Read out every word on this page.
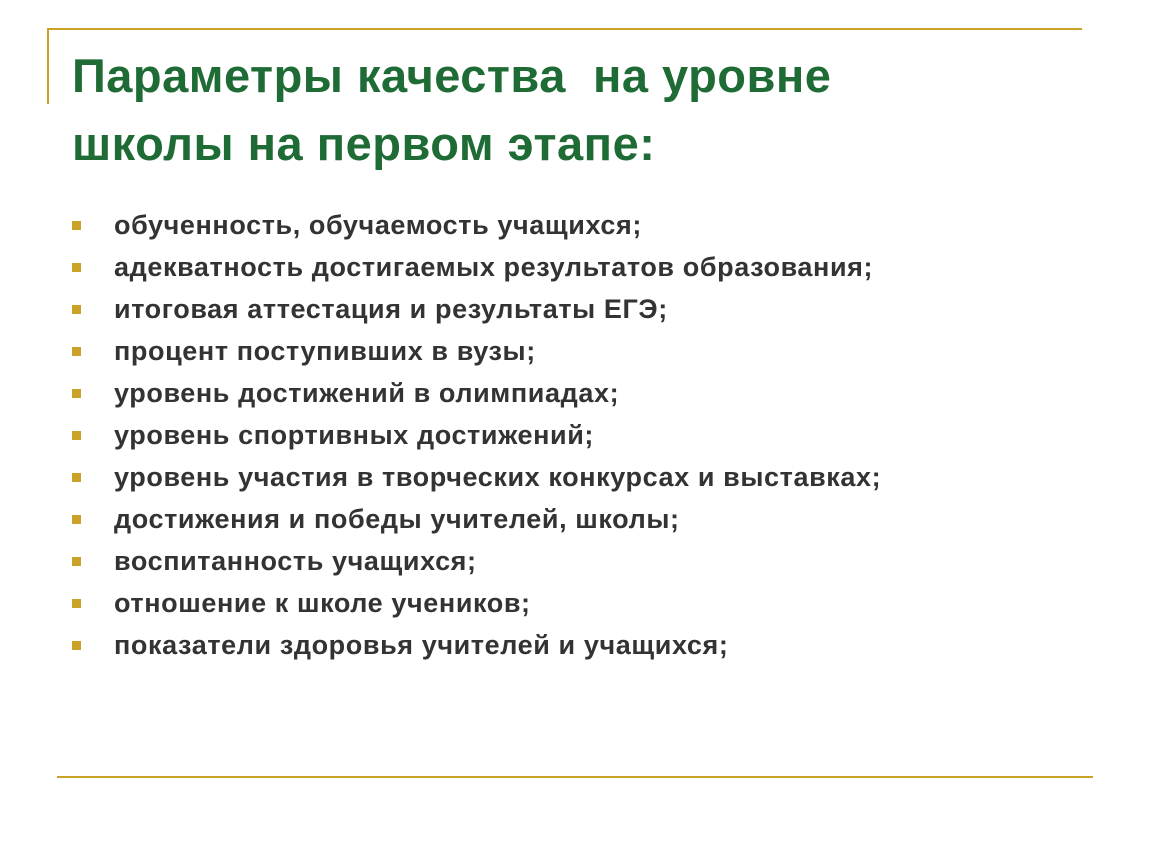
Параметры качества  на уровне
школы на первом этапе:
обученность, обучаемость учащихся;
адекватность достигаемых результатов образования;
итоговая аттестация и результаты ЕГЭ;
процент поступивших в вузы;
уровень достижений в олимпиадах;
уровень спортивных достижений;
уровень участия в творческих конкурсах и выставках;
достижения и победы учителей, школы;
воспитанность учащихся;
отношение к школе учеников;
показатели здоровья учителей и учащихся;
